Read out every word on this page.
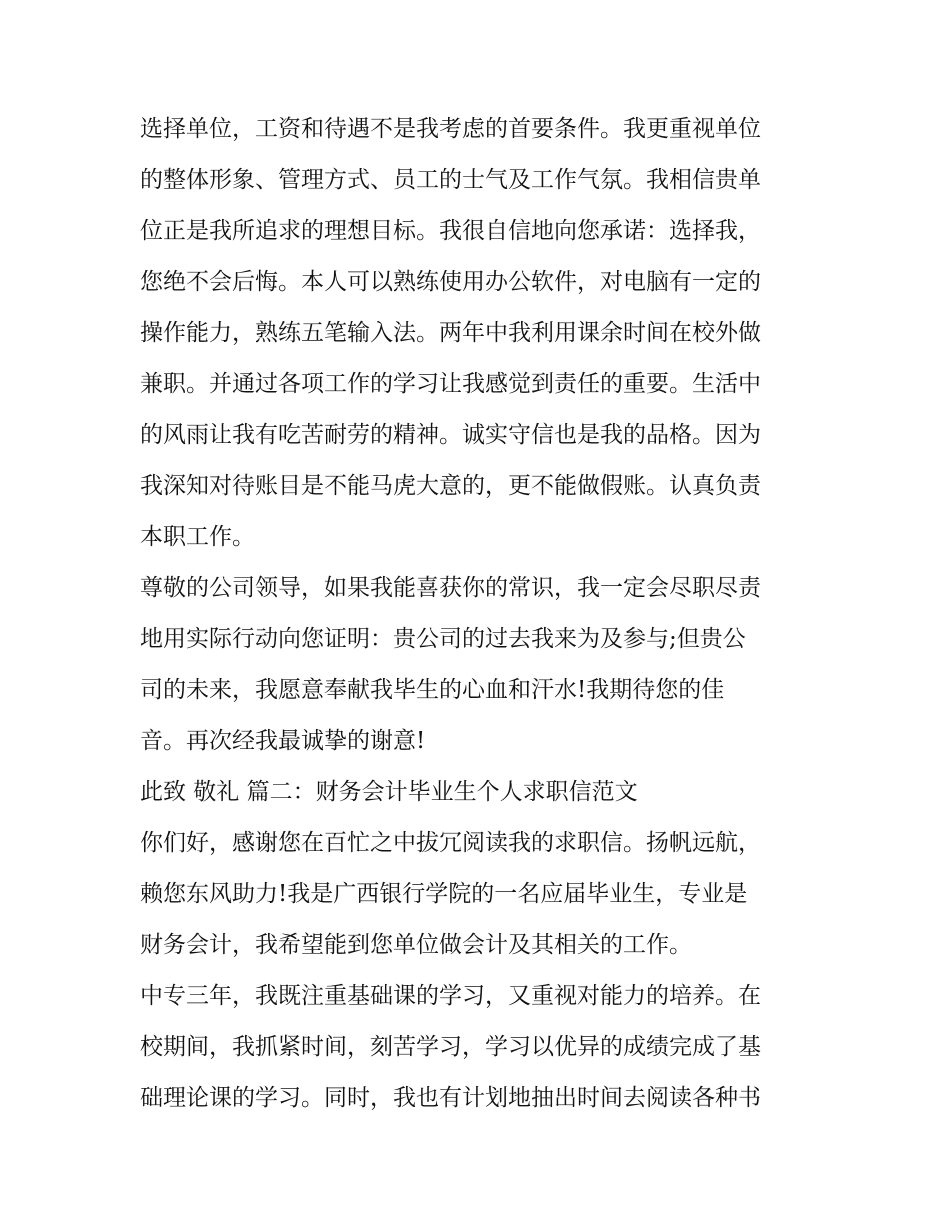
选择单位，工资和待遇不是我考虑的首要条件。我更重视单位
的整体形象、管理方式、员工的士气及工作气氛。我相信贵单
位正是我所追求的理想目标。我很自信地向您承诺：选择我，
您绝不会后悔。本人可以熟练使用办公软件，对电脑有一定的
操作能力，熟练五笔输入法。两年中我利用课余时间在校外做
兼职。并通过各项工作的学习让我感觉到责任的重要。生活中
的风雨让我有吃苦耐劳的精神。诚实守信也是我的品格。因为
我深知对待账目是不能马虎大意的，更不能做假账。认真负责
本职工作。
尊敬的公司领导，如果我能喜获你的常识，我一定会尽职尽责
地用实际行动向您证明：贵公司的过去我来为及参与;但贵公
司的未来，我愿意奉献我毕生的心血和汗水!我期待您的佳
音。再次经我最诚挚的谢意!
此致 敬礼 篇二：财务会计毕业生个人求职信范文
你们好，感谢您在百忙之中拔冗阅读我的求职信。扬帆远航，
赖您东风助力!我是广西银行学院的一名应届毕业生，专业是
财务会计，我希望能到您单位做会计及其相关的工作。
中专三年，我既注重基础课的学习，又重视对能力的培养。在
校期间，我抓紧时间，刻苦学习，学习以优异的成绩完成了基
础理论课的学习。同时，我也有计划地抽出时间去阅读各种书
